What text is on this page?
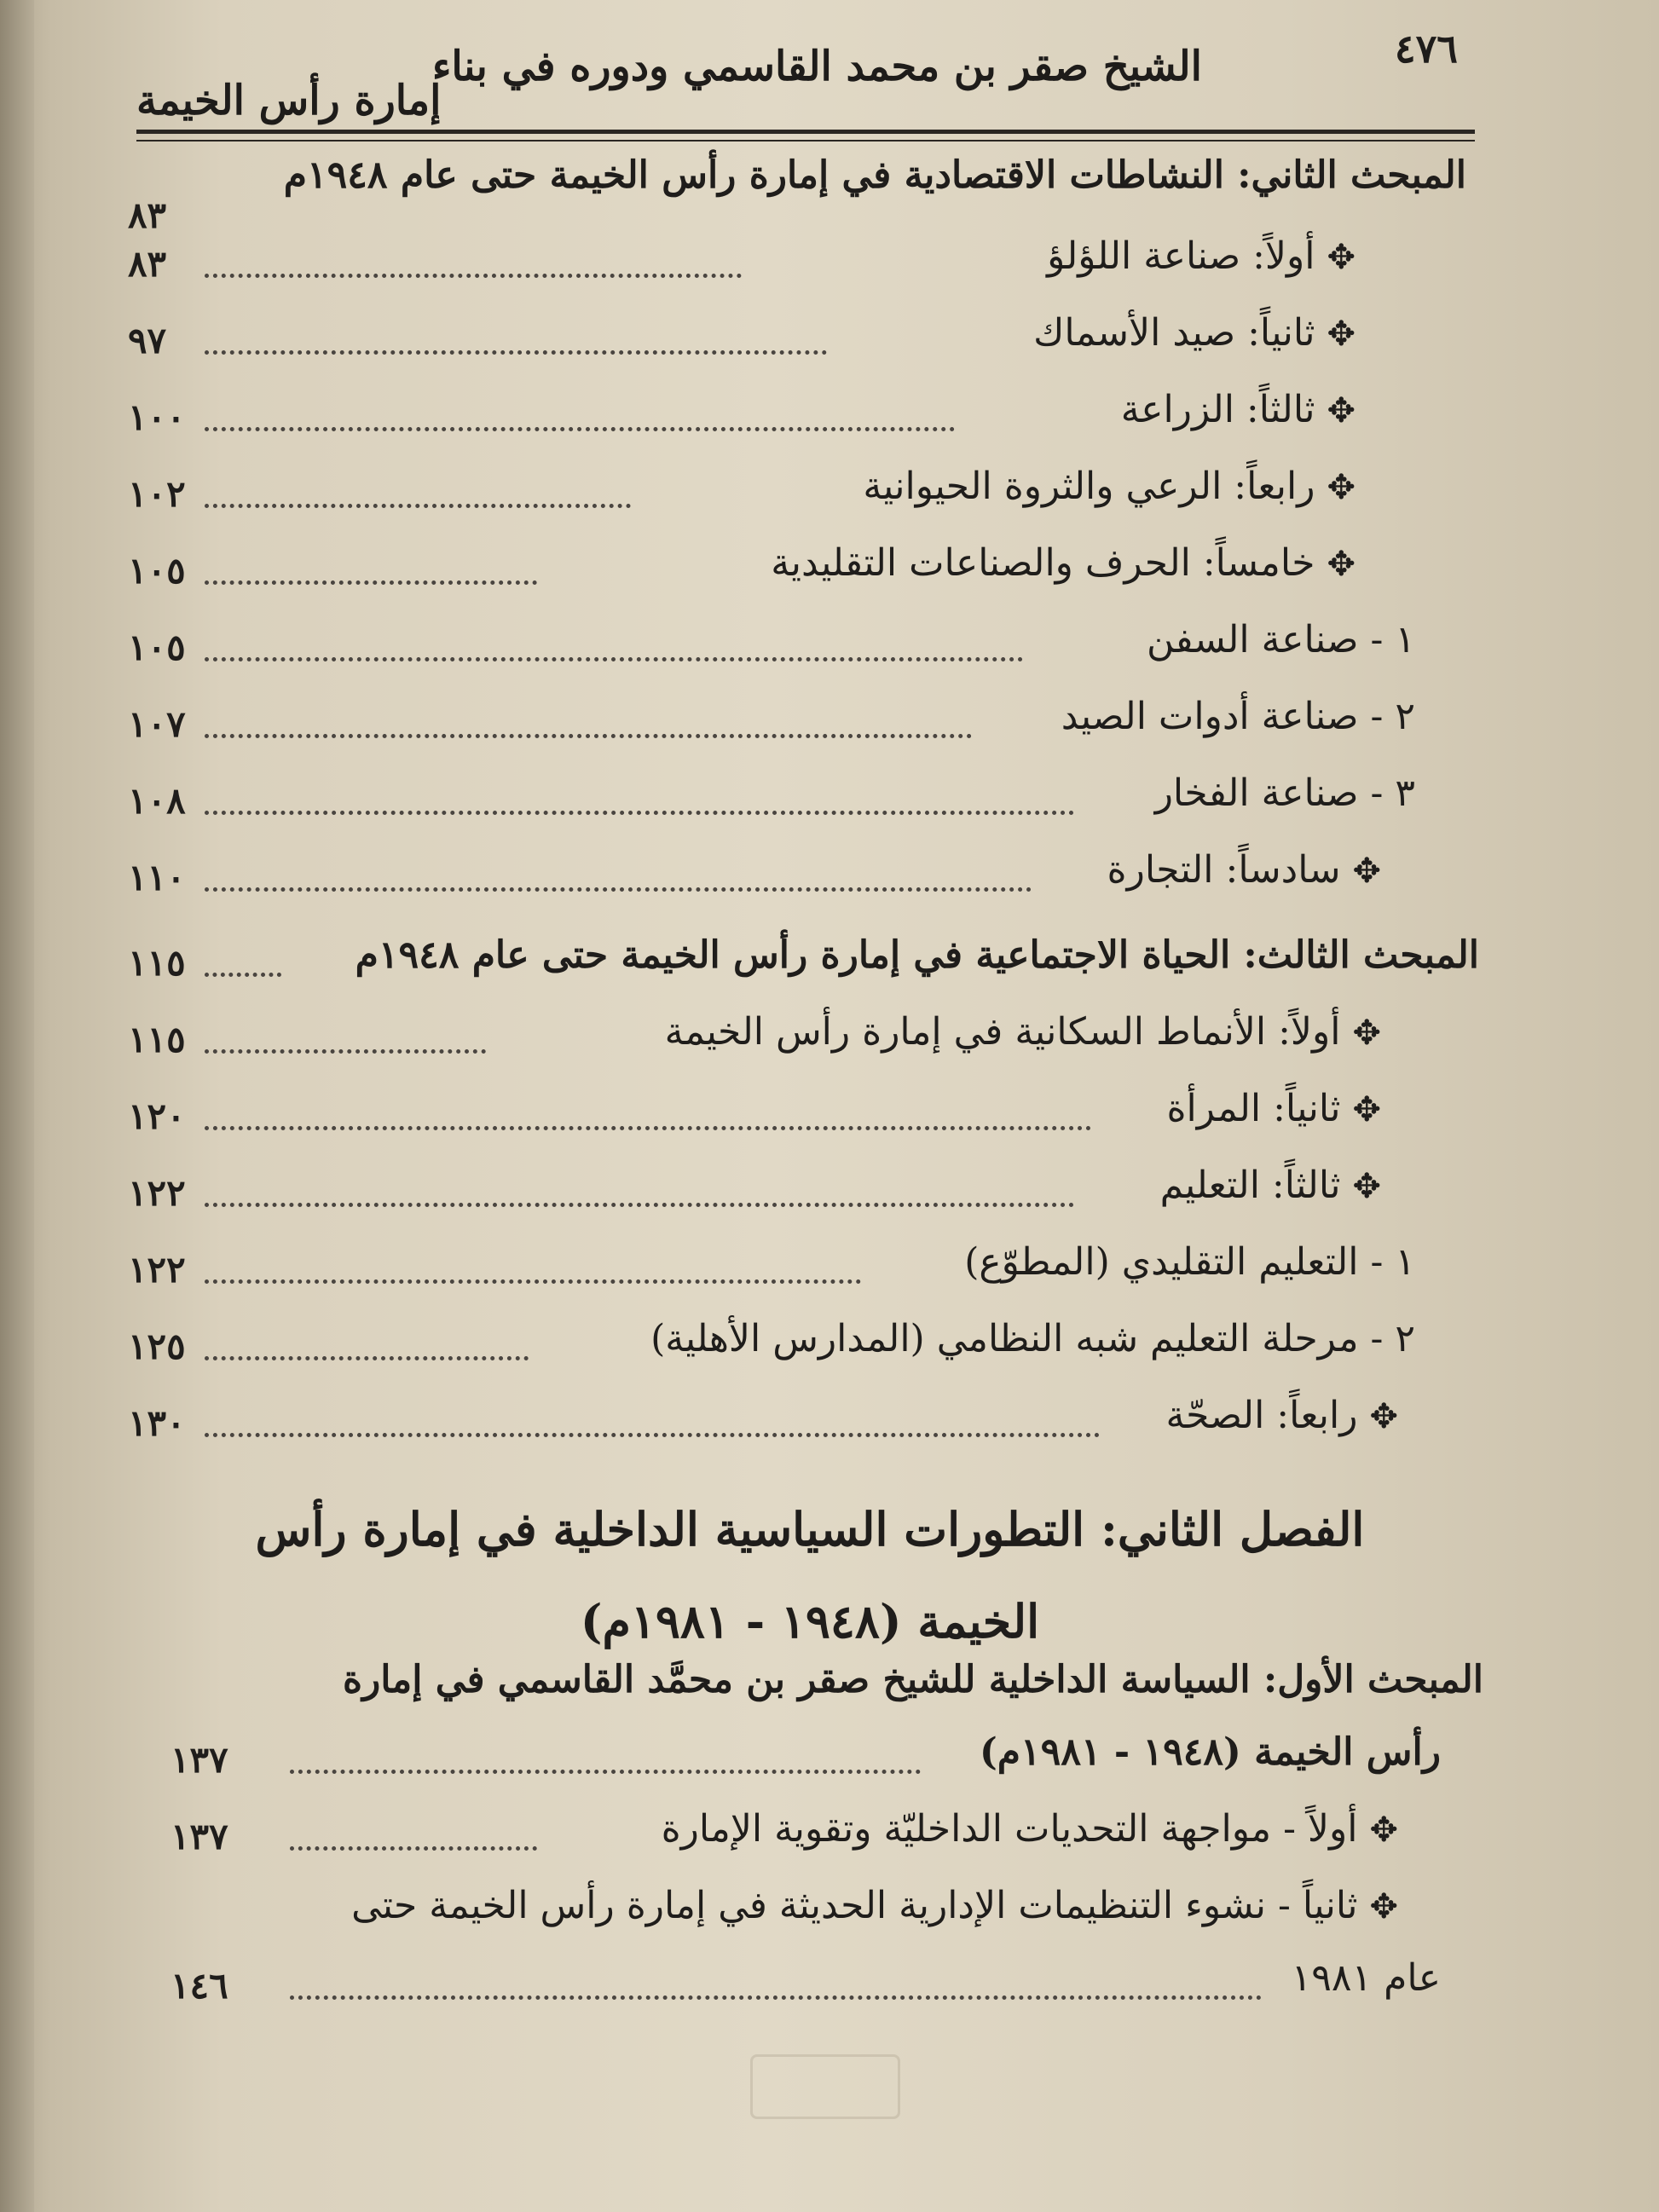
٤٧٦
الشيخ صقر بن محمد القاسمي ودوره في بناء
إمارة رأس الخيمة
المبحث الثاني: النشاطات الاقتصادية في إمارة رأس الخيمة حتى عام ١٩٤٨م
٨٣
✥أولاً: صناعة اللؤلؤ
٨٣
✥ثانياً: صيد الأسماك
٩٧
✥ثالثاً: الزراعة
١٠٠
✥رابعاً: الرعي والثروة الحيوانية
١٠٢
✥خامساً: الحرف والصناعات التقليدية
١٠٥
١ - صناعة السفن
١٠٥
٢ - صناعة أدوات الصيد
١٠٧
٣ - صناعة الفخار
١٠٨
✥سادساً: التجارة
١١٠
المبحث الثالث: الحياة الاجتماعية في إمارة رأس الخيمة حتى عام ١٩٤٨م
١١٥
✥أولاً: الأنماط السكانية في إمارة رأس الخيمة
١١٥
✥ثانياً: المرأة
١٢٠
✥ثالثاً: التعليم
١٢٢
١ - التعليم التقليدي (المطوّع)
١٢٢
٢ - مرحلة التعليم شبه النظامي (المدارس الأهلية)
١٢٥
✥رابعاً: الصحّة
١٣٠
الفصل الثاني: التطورات السياسية الداخلية في إمارة رأس
الخيمة (١٩٤٨ - ١٩٨١م)
المبحث الأول: السياسة الداخلية للشيخ صقر بن محمَّد القاسمي في إمارة
رأس الخيمة (١٩٤٨ - ١٩٨١م)
١٣٧
✥أولاً - مواجهة التحديات الداخليّة وتقوية الإمارة
١٣٧
✥ثانياً - نشوء التنظيمات الإدارية الحديثة في إمارة رأس الخيمة حتى
عام ١٩٨١
١٤٦
